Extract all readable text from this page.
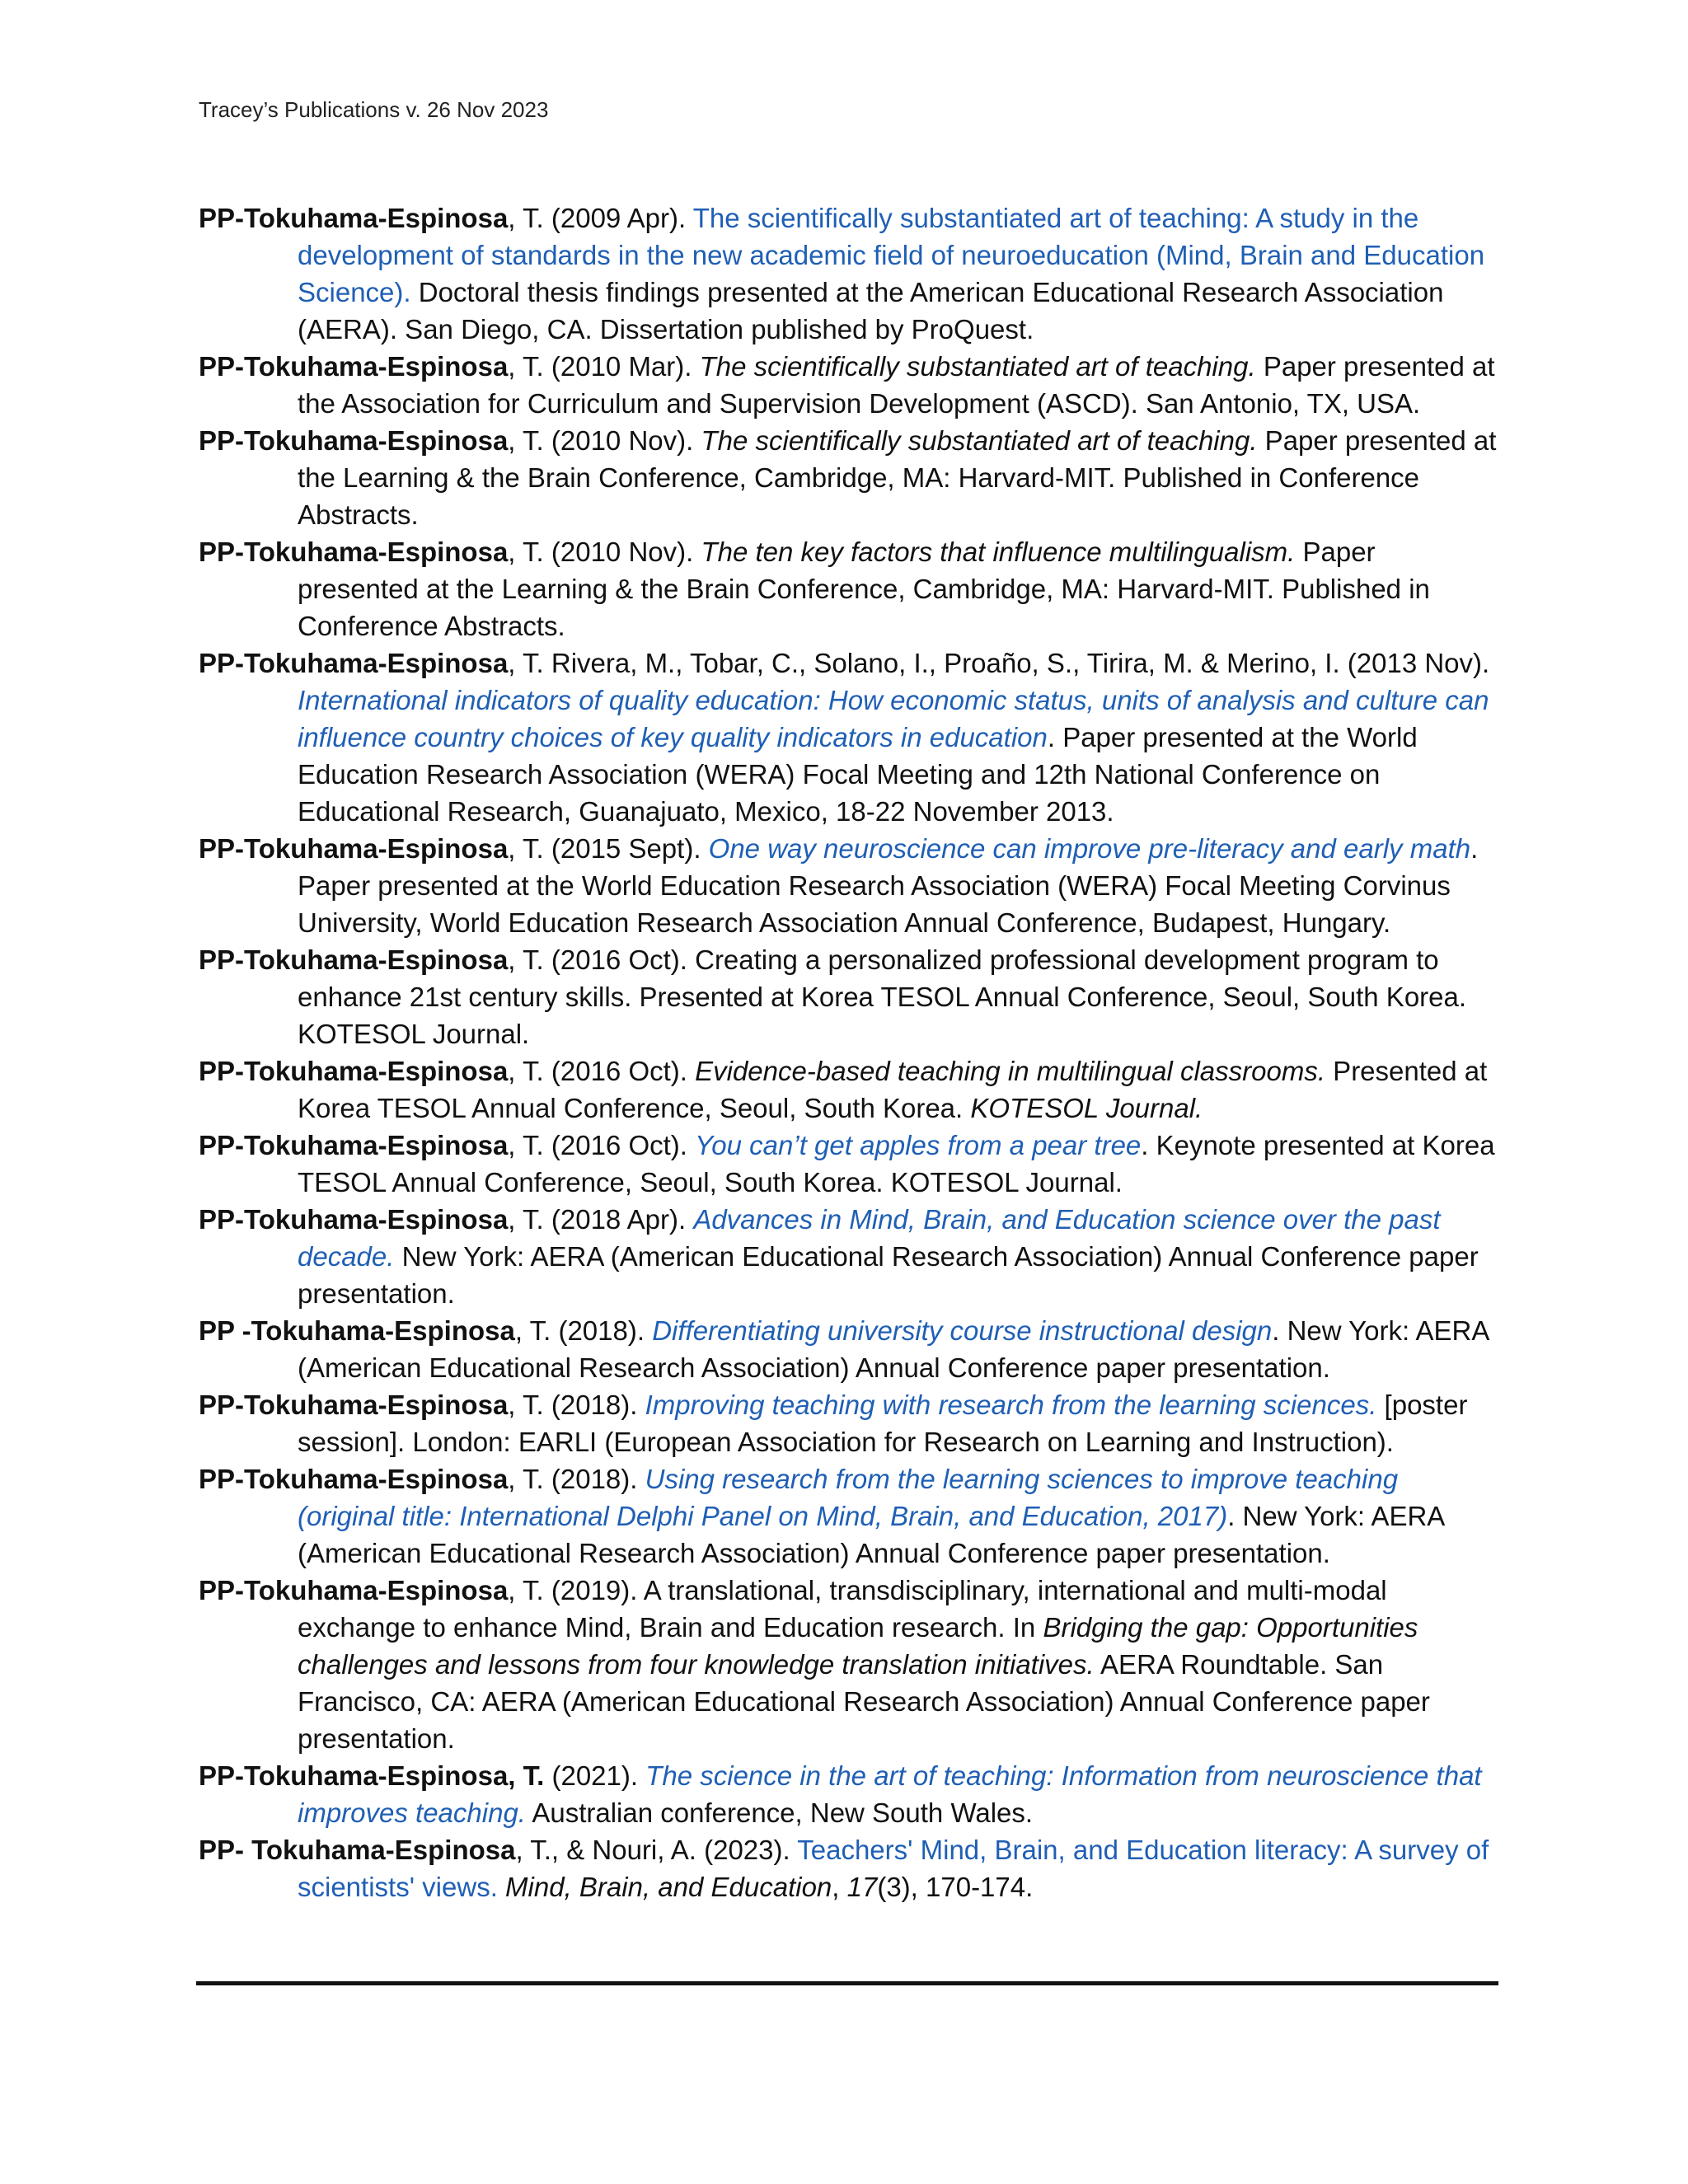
Tracey’s Publications v. 26 Nov 2023

PP-Tokuhama-Espinosa, T. (2009 Apr). The scientifically substantiated art of teaching: A study in the development of standards in the new academic field of neuroeducation (Mind, Brain and Education Science). Doctoral thesis findings presented at the American Educational Research Association (AERA). San Diego, CA. Dissertation published by ProQuest.

PP-Tokuhama-Espinosa, T. (2010 Mar). The scientifically substantiated art of teaching. Paper presented at the Association for Curriculum and Supervision Development (ASCD). San Antonio, TX, USA.

PP-Tokuhama-Espinosa, T. (2010 Nov). The scientifically substantiated art of teaching. Paper presented at the Learning & the Brain Conference, Cambridge, MA: Harvard-MIT. Published in Conference Abstracts.

PP-Tokuhama-Espinosa, T. (2010 Nov). The ten key factors that influence multilingualism. Paper presented at the Learning & the Brain Conference, Cambridge, MA: Harvard-MIT. Published in Conference Abstracts.

PP-Tokuhama-Espinosa, T. Rivera, M., Tobar, C., Solano, I., Proaño, S., Tirira, M. & Merino, I. (2013 Nov). International indicators of quality education: How economic status, units of analysis and culture can influence country choices of key quality indicators in education. Paper presented at the World Education Research Association (WERA) Focal Meeting and 12th National Conference on Educational Research, Guanajuato, Mexico, 18-22 November 2013.

PP-Tokuhama-Espinosa, T. (2015 Sept). One way neuroscience can improve pre-literacy and early math. Paper presented at the World Education Research Association (WERA) Focal Meeting Corvinus University, World Education Research Association Annual Conference, Budapest, Hungary.

PP-Tokuhama-Espinosa, T. (2016 Oct). Creating a personalized professional development program to enhance 21st century skills. Presented at Korea TESOL Annual Conference, Seoul, South Korea. KOTESOL Journal.

PP-Tokuhama-Espinosa, T. (2016 Oct). Evidence-based teaching in multilingual classrooms. Presented at Korea TESOL Annual Conference, Seoul, South Korea. KOTESOL Journal.

PP-Tokuhama-Espinosa, T. (2016 Oct). You can’t get apples from a pear tree. Keynote presented at Korea TESOL Annual Conference, Seoul, South Korea. KOTESOL Journal.

PP-Tokuhama-Espinosa, T. (2018 Apr). Advances in Mind, Brain, and Education science over the past decade. New York: AERA (American Educational Research Association) Annual Conference paper presentation.

PP -Tokuhama-Espinosa, T. (2018). Differentiating university course instructional design. New York: AERA (American Educational Research Association) Annual Conference paper presentation.

PP-Tokuhama-Espinosa, T. (2018). Improving teaching with research from the learning sciences. [poster session]. London: EARLI (European Association for Research on Learning and Instruction).

PP-Tokuhama-Espinosa, T. (2018). Using research from the learning sciences to improve teaching (original title: International Delphi Panel on Mind, Brain, and Education, 2017). New York: AERA (American Educational Research Association) Annual Conference paper presentation.

PP-Tokuhama-Espinosa, T. (2019). A translational, transdisciplinary, international and multi-modal exchange to enhance Mind, Brain and Education research. In Bridging the gap: Opportunities challenges and lessons from four knowledge translation initiatives. AERA Roundtable. San Francisco, CA: AERA (American Educational Research Association) Annual Conference paper presentation.

PP-Tokuhama-Espinosa, T. (2021). The science in the art of teaching: Information from neuroscience that improves teaching. Australian conference, New South Wales.

PP- Tokuhama-Espinosa, T., & Nouri, A. (2023). Teachers' Mind, Brain, and Education literacy: A survey of scientists' views. Mind, Brain, and Education, 17(3), 170-174.
